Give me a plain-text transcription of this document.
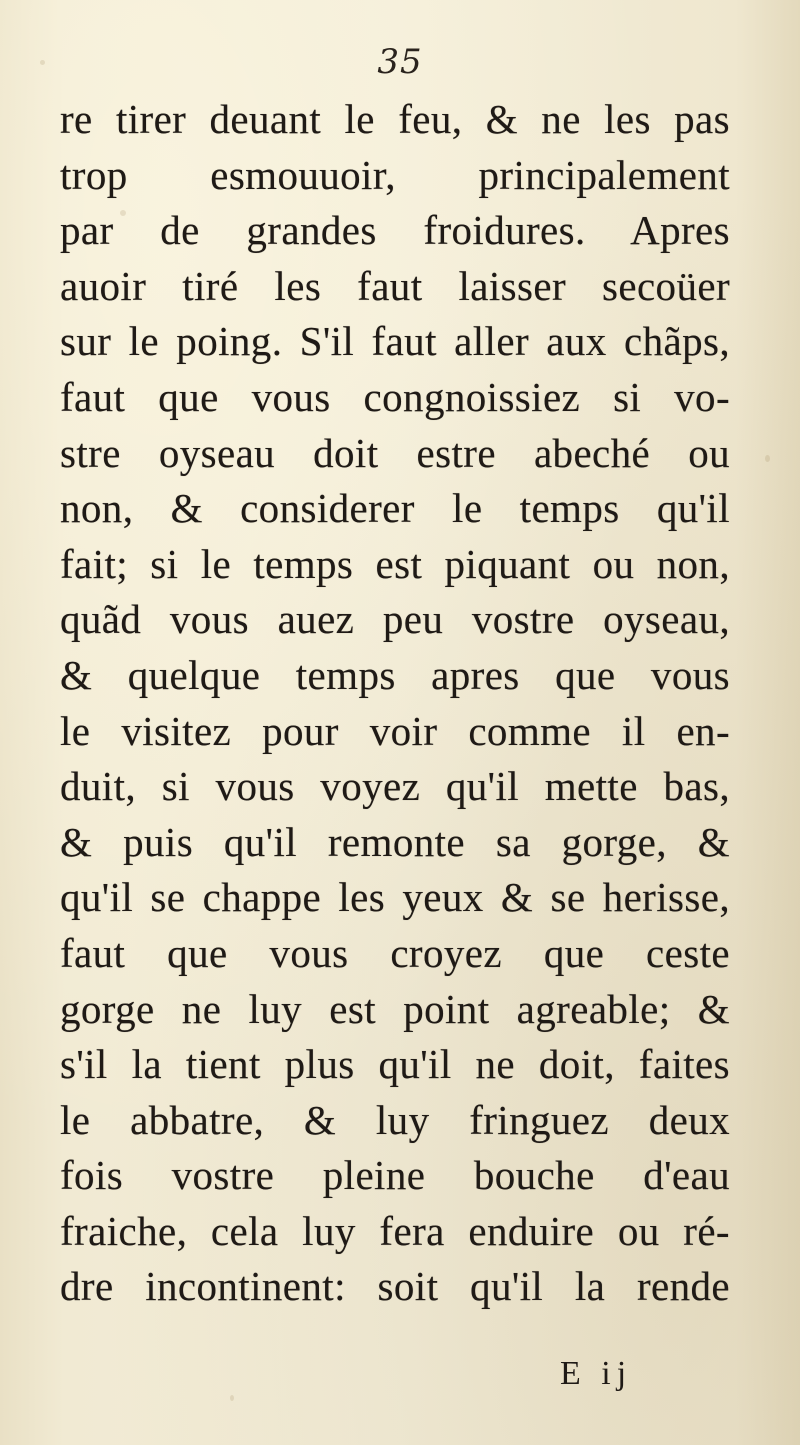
35
re tirer deuant le feu, & ne les pas
trop esmouuoir, principalement
par de grandes froidures. Apres
auoir tiré les faut laisser secoüer
sur le poing. S'il faut aller aux chãps,
faut que vous congnoissiez si vo-
stre oyseau doit estre abeché ou
non, & considerer le temps qu'il
fait; si le temps est piquant ou non,
quãd vous auez peu vostre oyseau,
& quelque temps apres que vous
le visitez pour voir comme il en-
duit, si vous voyez qu'il mette bas,
& puis qu'il remonte sa gorge, &
qu'il se chappe les yeux & se herisse,
faut que vous croyez que ceste
gorge ne luy est point agreable; &
s'il la tient plus qu'il ne doit, faites
le abbatre, & luy fringuez deux
fois vostre pleine bouche d'eau
fraiche, cela luy fera enduire ou ré-
dre incontinent: soit qu'il la rende
E ij
